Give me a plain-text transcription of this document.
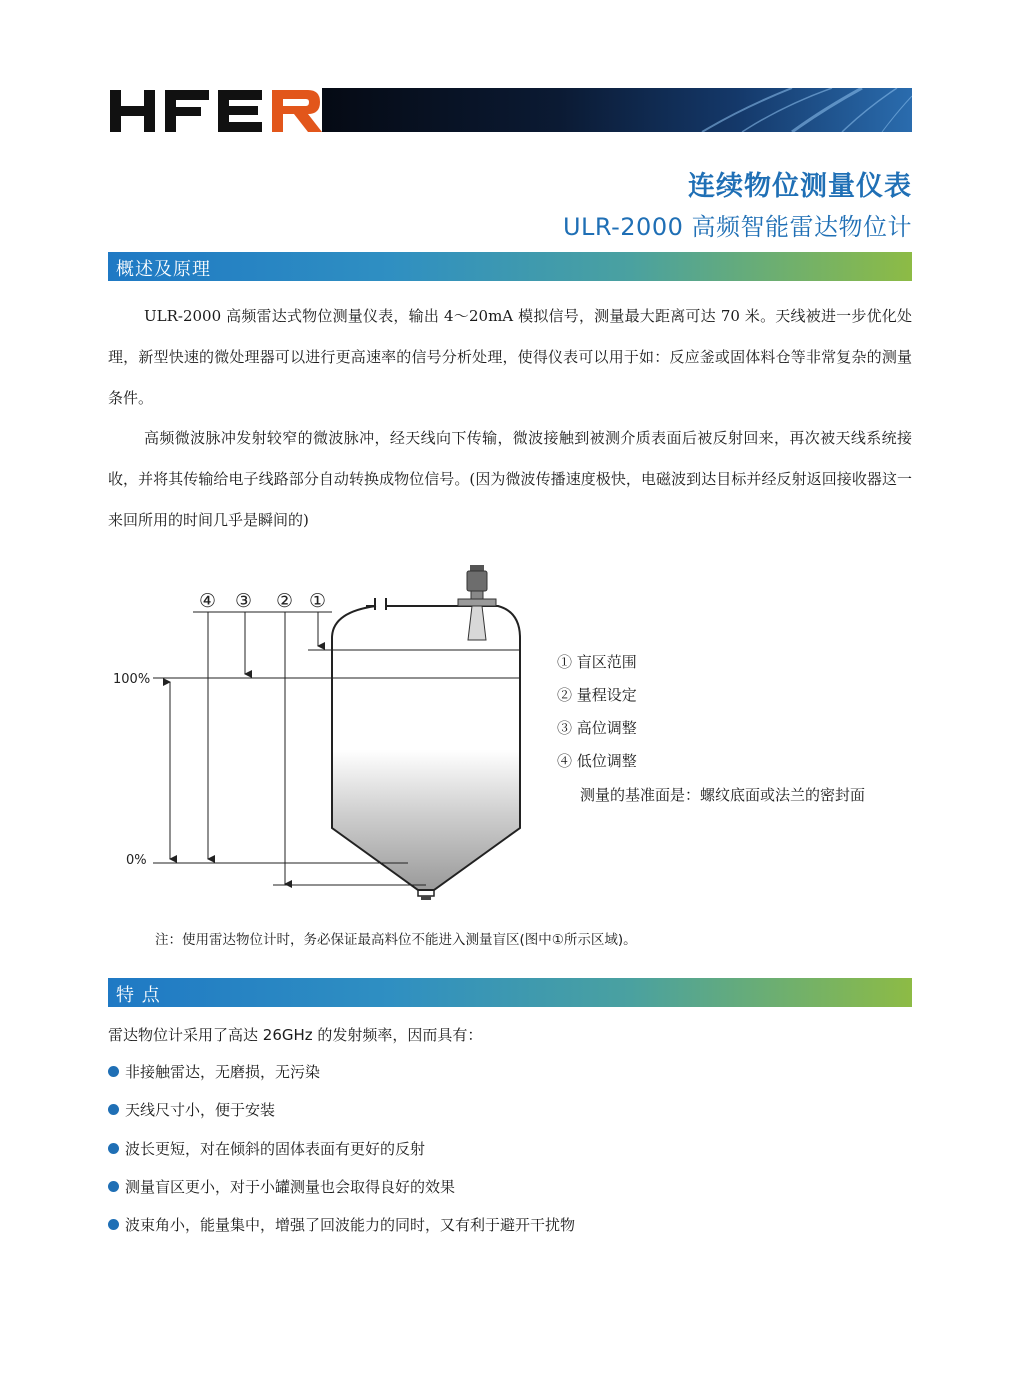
连续物位测量仪表
ULR-2000 高频智能雷达物位计
概述及原理

ULR-2000 高频雷达式物位测量仪表，输出 4～20mA 模拟信号，测量最大距离可达 70 米。天线被进一步优化处理，新型快速的微处理器可以进行更高速率的信号分析处理，使得仪表可以用于如：反应釜或固体料仓等非常复杂的测量条件。

高频微波脉冲发射较窄的微波脉冲，经天线向下传输，微波接触到被测介质表面后被反射回来，再次被天线系统接收，并将其传输给电子线路部分自动转换成物位信号。(因为微波传播速度极快，电磁波到达目标并经反射返回接收器这一来回所用的时间几乎是瞬间的)

④ ③ ② ①
100%
0%
① 盲区范围
② 量程设定
③ 高位调整
④ 低位调整
测量的基准面是：螺纹底面或法兰的密封面
注：使用雷达物位计时，务必保证最高料位不能进入测量盲区(图中①所示区域)。
特 点
雷达物位计采用了高达 26GHz 的发射频率，因而具有：
非接触雷达，无磨损，无污染
天线尺寸小，便于安装
波长更短，对在倾斜的固体表面有更好的反射
测量盲区更小，对于小罐测量也会取得良好的效果
波束角小，能量集中，增强了回波能力的同时，又有利于避开干扰物
